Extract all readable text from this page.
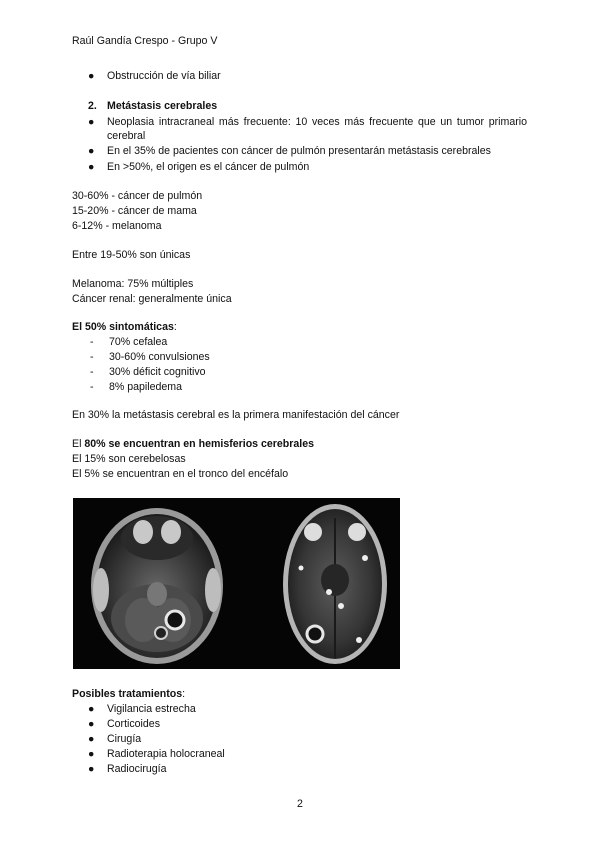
Raúl Gandía Crespo - Grupo V
● Obstrucción de vía biliar
2. Metástasis cerebrales
● Neoplasia intracraneal más frecuente: 10 veces más frecuente que un tumor primario cerebral
● En el 35% de pacientes con cáncer de pulmón presentarán metástasis cerebrales
● En >50%, el origen es el cáncer de pulmón
30-60% - cáncer de pulmón
15-20% - cáncer de mama
6-12% - melanoma
Entre 19-50% son únicas
Melanoma: 75% múltiples
Cáncer renal: generalmente única
El 50% sintomáticas:
- 70% cefalea
- 30-60% convulsiones
- 30% déficit cognitivo
- 8% papiledema
En 30% la metástasis cerebral es la primera manifestación del cáncer
El 80% se encuentran en hemisferios cerebrales
El 15% son cerebelosas
El 5% se encuentran en el tronco del encéfalo
Posibles tratamientos:
● Vigilancia estrecha
● Corticoides
● Cirugía
● Radioterapia holocraneal
● Radiocirugía
2
